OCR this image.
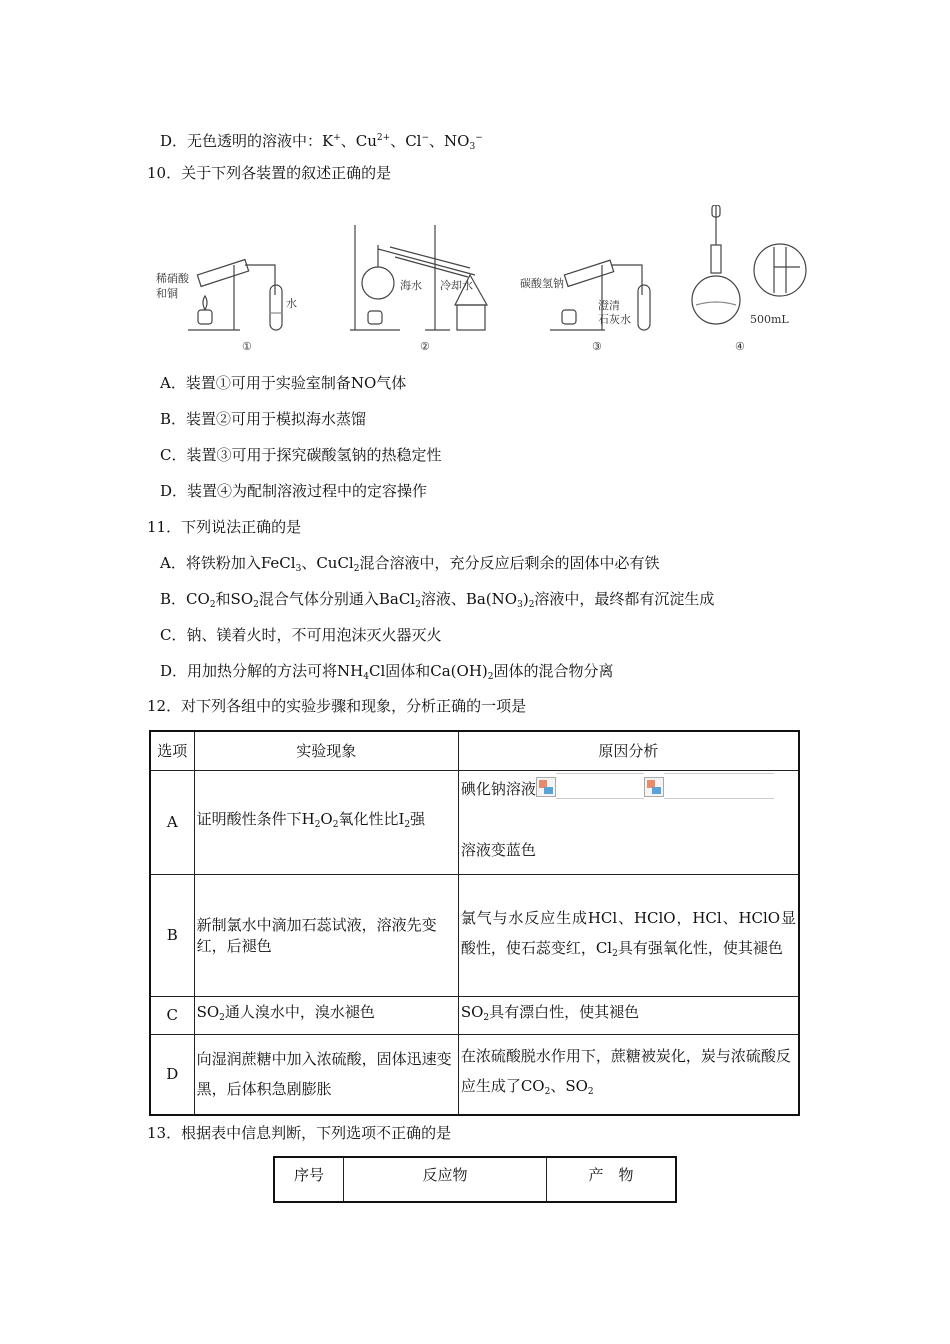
D．无色透明的溶液中：K+、$Cu^{2+}$、Cl−、$NO_3^-$
10．关于下列各装置的叙述正确的是
稀硝酸
和铜
水
①
海水 冷却水
②
碳酸氢钠
澄清
石灰水
③
500mL
④
A．装置①可用于实验室制备NO气体
B．装置②可用于模拟海水蒸馏
C．装置③可用于探究碳酸氢钠的热稳定性
D．装置④为配制溶液过程中的定容操作
11．下列说法正确的是
A．将铁粉加入FeCl$_3$、CuCl$_2$混合溶液中，充分反应后剩余的固体中必有铁
B．$CO_2$和$SO_2$混合气体分别通入BaCl$_2$溶液、$Ba(NO_3)_2$溶液中，最终都有沉淀生成
C．钠、镁着火时，不可用泡沫灭火器灭火
D．用加热分解的方法可将$NH_4Cl$固体和$Ca(OH)_2$固体的混合物分离
12．对下列各组中的实验步骤和现象，分析正确的一项是
选项	实验现象	原因分析
A	证明酸性条件下$H_2O_2$氧化性比$I_2$强	碘化钠溶液
溶液变蓝色

B	新制氯水中滴加石蕊试液，溶液先变红，后褪色	氯气与水反应生成HCl、HClO，HCl、HClO显酸性，使石蕊变红，$Cl_2$具有强氧化性，使其褪色
C	$SO_2$通人溴水中，溴水褪色	$SO_2$具有漂白性，使其褪色
D	向湿润蔗糖中加入浓硫酸，固体迅速变黑，后体积急剧膨胀	在浓硫酸脱水作用下，蔗糖被炭化，炭与浓硫酸反应生成了$CO_2$、$SO_2$
13．根据表中信息判断，下列选项不正确的是
序号	反应物	产　物
